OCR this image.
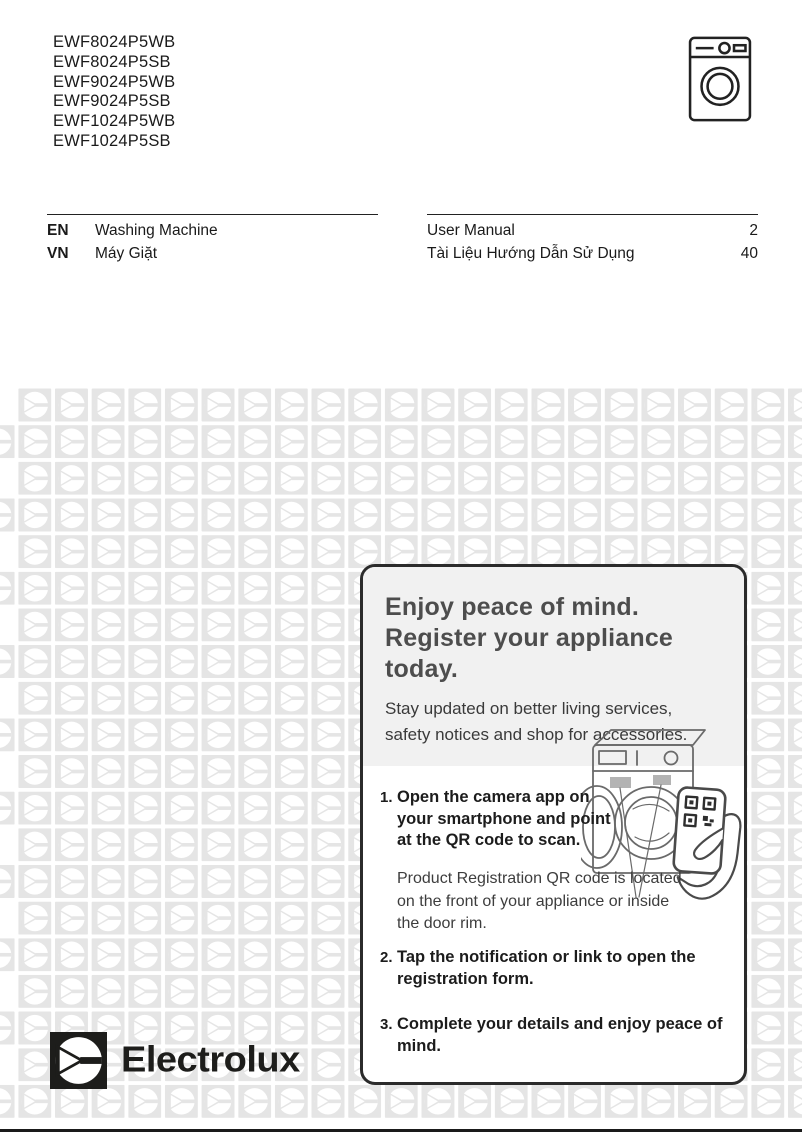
EWF8024P5WB
EWF8024P5SB
EWF9024P5WB
EWF9024P5SB
EWF1024P5WB
EWF1024P5SB
EN	Washing Machine
VN	Máy Giặt
User Manual	2
Tài Liệu Hướng Dẫn Sử Dụng	40
Enjoy peace of mind.
Register your appliance today.
Stay updated on better living services,
safety notices and shop for accessories.
1. Open the camera app on your smartphone and point at the QR code to scan.
Product Registration QR code is located on the front of your appliance or inside the door rim.
2. Tap the notification or link to open the registration form.
3. Complete your details and enjoy peace of mind.
Electrolux
